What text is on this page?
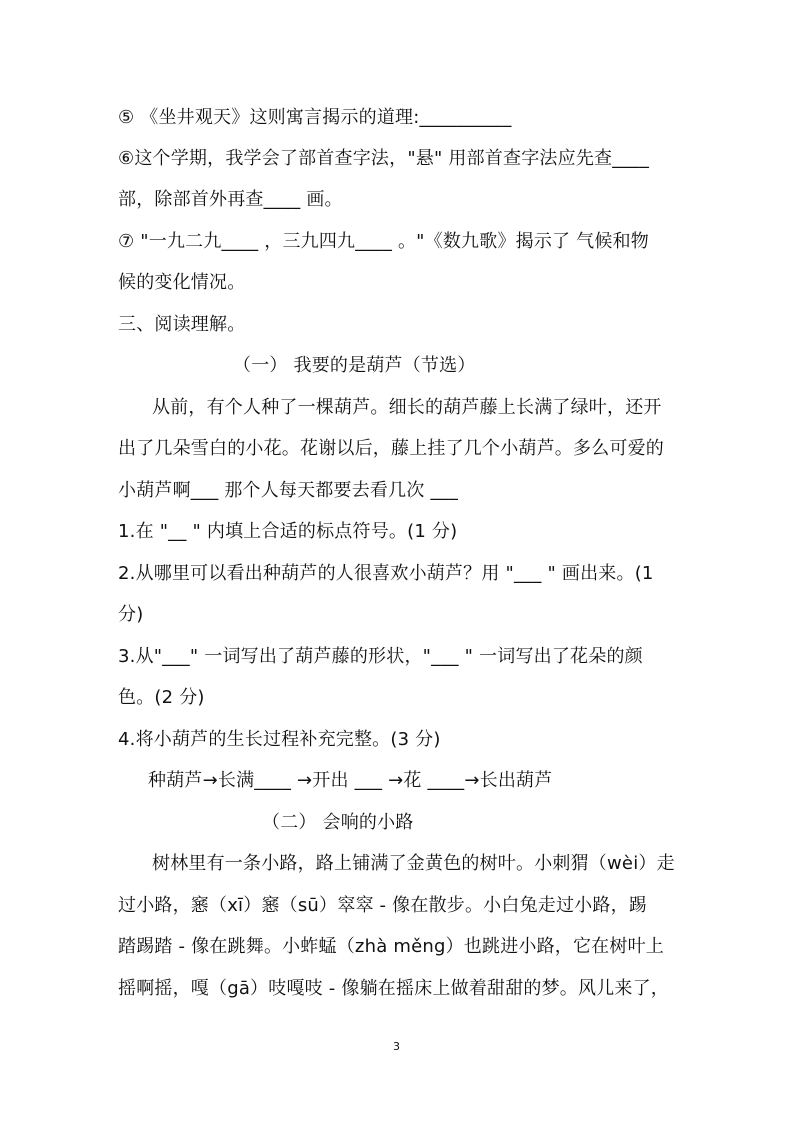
⑤ 《坐井观天》这则寓言揭示的道理:__________
⑥这个学期，我学会了部首查字法，"悬" 用部首查字法应先查____
部，除部首外再查____ 画。
⑦ "一九二九____ ，三九四九____ 。"《数九歌》揭示了 气候和物
候的变化情况。
三、阅读理解。
（一） 我要的是葫芦（节选）
从前，有个人种了一棵葫芦。细长的葫芦藤上长满了绿叶，还开
出了几朵雪白的小花。花谢以后，藤上挂了几个小葫芦。多么可爱的
小葫芦啊___ 那个人每天都要去看几次 ___
1.在 "__ " 内填上合适的标点符号。(1 分)
2.从哪里可以看出种葫芦的人很喜欢小葫芦？用 "___ " 画出来。(1
分)
3.从"___" 一词写出了葫芦藤的形状，"___ " 一词写出了花朵的颜
色。(2 分)
4.将小葫芦的生长过程补充完整。(3 分)
种葫芦→长满____ →开出 ___ →花 ____→长出葫芦
（二） 会响的小路
树林里有一条小路，路上铺满了金黄色的树叶。小刺猬（wèi）走
过小路，窸（xī）窸（sū）窣窣 - 像在散步。小白兔走过小路，踢
踏踢踏 - 像在跳舞。小蚱蜢（zhà měng）也跳进小路，它在树叶上
摇啊摇，嘎（gā）吱嘎吱 - 像躺在摇床上做着甜甜的梦。风儿来了，
3
